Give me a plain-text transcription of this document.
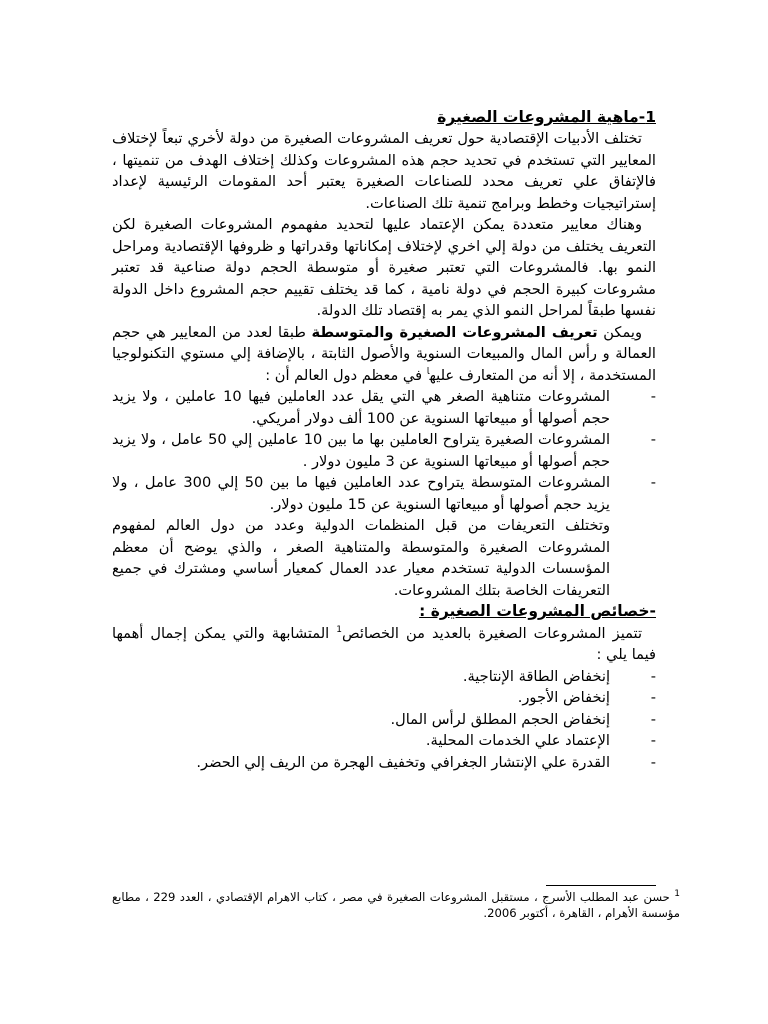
1-ماهية المشروعات الصغيرة

تختلف الأدبيات الإقتصادية حول تعريف المشروعات الصغيرة من دولة لأخري تبعاً لإختلاف المعايير التي تستخدم في تحديد حجم هذه المشروعات وكذلك إختلاف الهدف من تنميتها ، فالإتفاق علي تعريف محدد للصناعات الصغيرة يعتبر أحد المقومات الرئيسية لإعداد إستراتيجيات وخطط وبرامج تنمية تلك الصناعات.

وهناك معايير متعددة يمكن الإعتماد عليها لتحديد مفهموم المشروعات الصغيرة لكن التعريف يختلف من دولة إلي اخري لإختلاف إمكاناتها وقدراتها و ظروفها الإقتصادية ومراحل النمو بها. فالمشروعات التي تعتبر صغيرة أو متوسطة الحجم دولة صناعية قد تعتبر مشروعات كبيرة الحجم في دولة نامية ، كما قد يختلف تقييم حجم المشروع داخل الدولة نفسها طبقاً لمراحل النمو الذي يمر به إقتصاد تلك الدولة.

ويمكن تعريف المشروعات الصغيرة والمتوسطة طبقا لعدد من المعايير هي حجم العمالة و رأس المال والمبيعات السنوية والأصول الثابتة ، بالإضافة إلي مستوي التكنولوجيا المستخدمة ، إلا أنه من المتعارف عليه$^ا$ في معظم دول العالم أن :

- المشروعات متناهية الصغر هي التي يقل عدد العاملين فيها 10 عاملين ، ولا يزيد حجم أصولها أو مبيعاتها السنوية عن 100 ألف دولار أمريكي.
- المشروعات الصغيرة يتراوح العاملين بها ما بين 10 عاملين إلي 50 عامل ، ولا يزيد حجم أصولها أو مبيعاتها السنوية عن 3 مليون دولار .
- المشروعات المتوسطة يتراوح عدد العاملين فيها ما بين 50 إلي 300 عامل ، ولا يزيد حجم أصولها أو مبيعاتها السنوية عن 15 مليون دولار.

وتختلف التعريفات من قبل المنظمات الدولية وعدد من دول العالم لمفهوم المشروعات الصغيرة والمتوسطة والمتناهية الصغر ، والذي يوضح أن معظم المؤسسات الدولية تستخدم معيار عدد العمال كمعيار أساسي ومشترك في جميع التعريفات الخاصة بتلك المشروعات.

-خصائص المشروعات الصغيرة :

تتميز المشروعات الصغيرة بالعديد من الخصائص$^1$ المتشابهة والتي يمكن إجمال أهمها فيما يلي :

- إنخفاض الطاقة الإنتاجية.
- إنخفاض الأجور.
- إنخفاض الحجم المطلق لرأس المال.
- الإعتماد علي الخدمات المحلية.
- القدرة علي الإنتشار الجغرافي وتخفيف الهجرة من الريف إلي الحضر.
$^1$ حسن عبد المطلب الأسرج ، مستقبل المشروعات الصغيرة في مصر ، كتاب الاهرام الإقتصادي ، العدد 229 ، مطابع مؤسسة الأهرام ، القاهرة ، أكتوبر 2006.
